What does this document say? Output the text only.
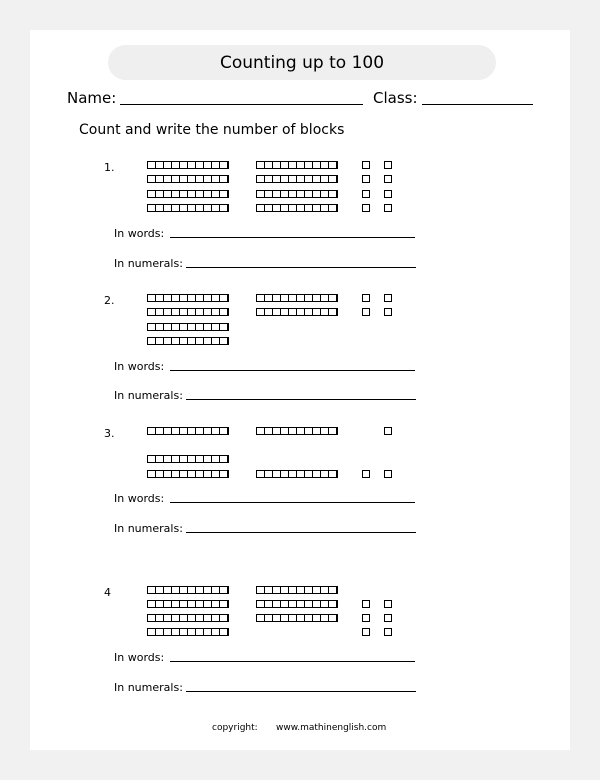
Counting up to 100
Name:	Class:
Count and write the number of blocks
1.
In words:
In numerals:
2.
In words:
In numerals:
3.
In words:
In numerals:
4
In words:
In numerals:
copyright: www.mathinenglish.com
